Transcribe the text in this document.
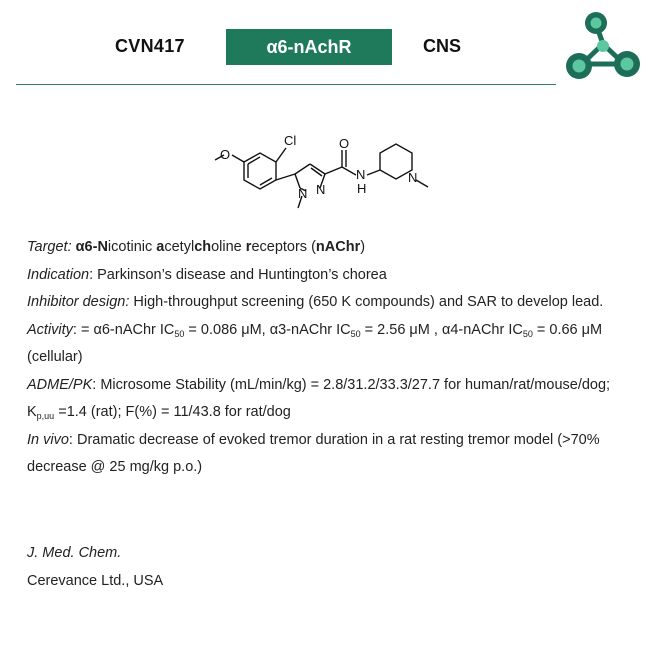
CVN417	α6-nAchR	CNS
O
Cl
N N
O
N
H
N

Target: α6-Nicotinic acetylcholine receptors (nAChr)

Indication: Parkinson’s disease and Huntington’s chorea

Inhibitor design: High-throughput screening (650 K compounds) and SAR to develop lead.

Activity: = α6-nAChr $IC_{50} = 0.086$ μM, α3-nAChr $IC_{50} = 2.56$ μM , α4-nAChr $IC_{50} = 0.66$ μM (cellular)

ADME/PK: Microsome Stability (mL/min/kg) = 2.8/31.2/33.3/27.7 for human/rat/mouse/dog; $K_{p,uu} =1.4$ (rat); F(%) = 11/43.8 for rat/dog

In vivo: Dramatic decrease of evoked tremor duration in a rat resting tremor model (>70% decrease @ 25 mg/kg p.o.)

J. Med. Chem.

Cerevance Ltd., USA
